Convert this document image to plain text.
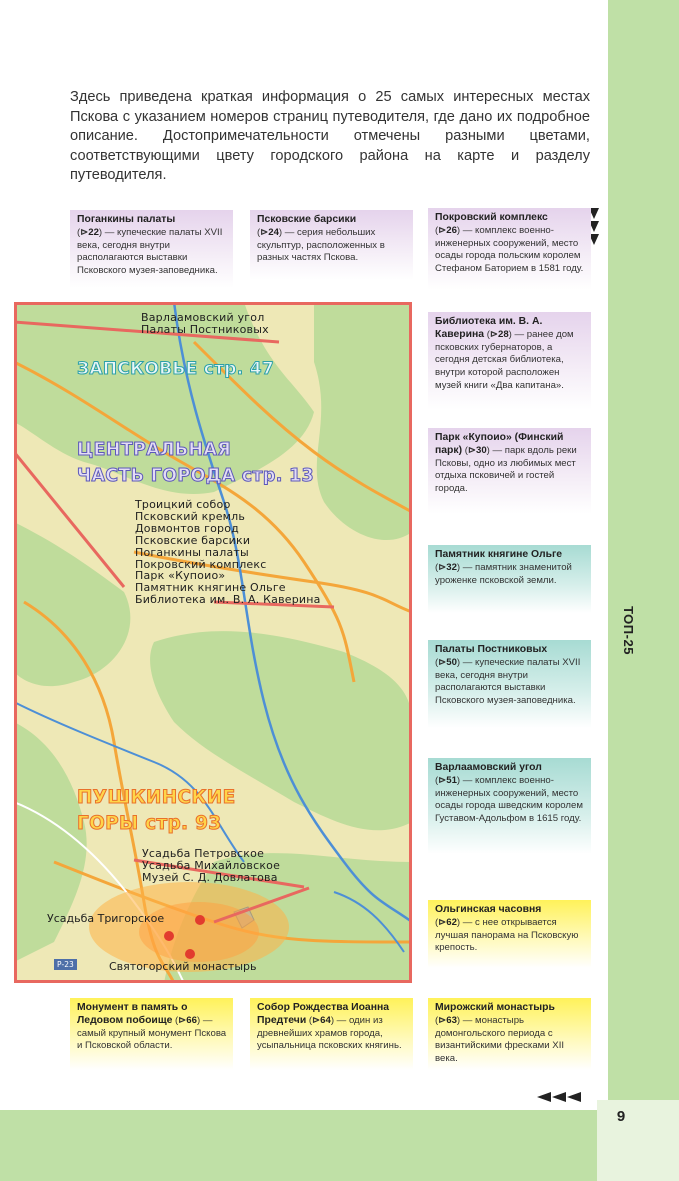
ТОП-25
9
Здесь приведена краткая информация о 25 самых интересных местах Пскова с указанием номеров страниц путеводителя, где дано их подробное описание. Достопримечательности отмечены разными цветами, соответствующими цвету городского района на карте и разделу путеводителя.
Варлаамовский угол
Палаты Постниковых
ЗАПСКОВЬЕ стр. 47
ЦЕНТРАЛЬНАЯ
ЧАСТЬ ГОРОДА стр. 13
Троицкий собор
Псковский кремль
Довмонтов город
Псковские барсики
Поганкины палаты
Покровский комплекс
Парк «Купоио»
Памятник княгине Ольге
Библиотека им. В. А. Каверина
ПУШКИНСКИЕ
ГОРЫ стр. 93
Усадьба Петровское
Усадьба Михайловское
Музей С. Д. Довлатова
Усадьба Тригорское
Святогорский монастырь
Р-23
Поганкины палаты
(⊳22) — купеческие палаты XVII века, сегодня внутри располагаются выставки Псковского музея-заповедника.
Псковские барсики
(⊳24) — серия небольших скульптур, расположенных в разных частях Пскова.
Покровский комплекс
(⊳26) — комплекс военно-инженерных сооружений, место осады города польским королем Стефаном Баторием в 1581 году.
Библиотека им. В. А. Каверина (⊳28) — ранее дом псковских губернаторов, а сегодня детская библиотека, внутри которой расположен музей книги «Два капитана».
Парк «Купоио» (Финский парк) (⊳30) — парк вдоль реки Псковы, одно из любимых мест отдыха псковичей и гостей города.
Памятник княгине Ольге
(⊳32) — памятник знаменитой уроженке псковской земли.
Палаты Постниковых
(⊳50) — купеческие палаты XVII века, сегодня внутри располагаются выставки Псковского музея-заповедника.
Варлаамовский угол
(⊳51) — комплекс военно-инженерных сооружений, место осады города шведским королем Густавом-Адольфом в 1615 году.
Ольгинская часовня
(⊳62) — с нее открывается лучшая панорама на Псковскую крепость.
Монумент в память о Ледовом побоище (⊳66) — самый крупный монумент Пскова и Псковской области.
Собор Рождества Иоанна Предтечи (⊳64) — один из древнейших храмов города, усыпальница псковских княгинь.
Мирожский монастырь
(⊳63) — монастырь домонгольского периода с византийскими фресками XII века.
